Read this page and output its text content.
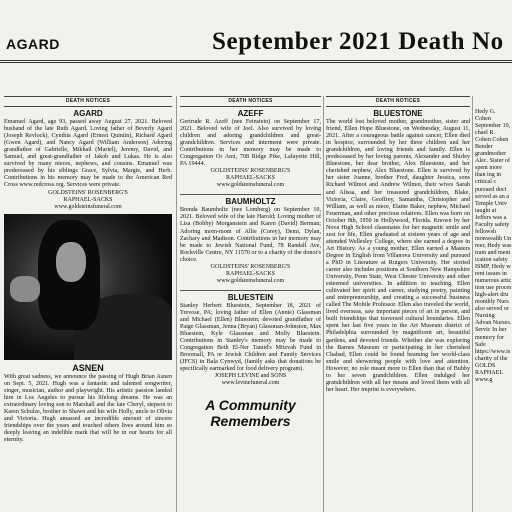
AGARD	September 2021 Death No
DEATH NOTICES
AGARD

Emanuel Agard, age 93, passed away August 27, 2021. Beloved husband of the late Ruth Agard. Loving father of Beverly Agard (Joseph Revlock), Cynthia Agard (Ernest Quintin), Richard Agard (Gwen Agard), and Nancy Agard (William Anderson) Adoring grandfather of Gabrielle, Mikhail (Mariel), Jeremy, David, and Samuel, and great-grandfather of Jakob and Lukas. He is also survived by many nieces, nephews, and cousins. Emanuel was predeceased by his siblings Grace, Sylvia, Margie, and Herb. Contributions in his memory may be made to the American Red Cross www.redcross.org. Services were private.

GOLDSTEINS' ROSENBERG'S
RAPHAEL-SACKS
www.goldsteinsfuneral.com
ASNEN

With great sadness, we announce the passing of Hugh Brian Asnen on Sept. 5, 2021. Hugh was a fantastic and talented songwriter, singer, musician, author and playwright. His artistic passion landed him in Los Angeles to pursue his lifelong dreams. He was an extraordinary loving son to Marshall and the late Cheryl, stepson to Karen Schulze, brother to Shawn and his wife Holly, uncle to Olivia and Victoria. Hugh amassed an incredible amount of sincere friendships over the years and touched others lives around him so deeply leaving an indelible mark that will be in our hearts for all eternity.

DEATH NOTICES
AZEFF

Gertrude R. Azeff (nee Feinstein) on September 17, 2021. Beloved wife of Joel. Also survived by loving children and adoring grandchildren and great-grandchildren. Services and interment were private. Contributions in her memory may be made to Congregation Or Ami, 708 Ridge Pike, Lafayette Hill, PA 19444.

GOLDSTEINS' ROSENBERG'S
RAPHAEL-SACKS
www.goldsteinsfuneral.com
BAUMHOLTZ

Brenda Baumholtz (nee Lomberg) on September 10, 2021. Beloved wife of the late Harold; Loving mother of Lisa (Bobby) Morganstein and Karen (David) Berman; Adoring mom-mom of Allie (Corey), Demi, Dylan, Zachary and Madison. Contributions in her memory may be made to Jewish National Fund, 78 Randall Ave, Rockville Centre, NY 11570 or to a charity of the donor's choice.

GOLDSTEINS' ROSENBERG'S
RAPHAEL-SACKS
www.goldsteinsfuneral.com
BLUESTEIN

Stanley Herbert Bluestein, September 18, 2021 of Trevose, PA; loving father of Ellen (Annie) Glassman and Michael (Ellen) Bluestein; devoted grandfather of Paige Glassman, Jenna (Bryan) Glassman-Johnston, Max Bluestein, Kyle Glassman and Molly Bluestein. Contributions in Stanley's memory may be made to Congregation Beth El-Ner Tamid's Mitzvah Fund in Broomall, PA or Jewish Children and Family Services (JFCS) in Bala Cynwyd, (family asks that donations be specifically earmarked for food delivery program).

JOSEPH LEVINE and SONS
www.levinefuneral.com
A Community Remembers
DEATH NOTICES
BLUESTONE

The world lost beloved mother, grandmother, sister and friend, Ellen Hope Bluestone, on Wednesday, August 11, 2021. After a courageous battle against cancer, Ellen died in hospice, surrounded by her three children and her grandchildren, and loving friends and family. Ellen is predeceased by her loving parents, Alexander and Shirley Bluestone, her dear brother, Alex Bluestone, and her cherished nephew, Alex Bluestone. Ellen is survived by her sister Joanne, brother Fred, daughter Jessica, sons Richard Wilmot and Andrew Wilmot, their wives Sarah and Alissa, and her treasured grandchildren, Blake, Victoria, Claire, Geoffrey, Samantha, Christopher and William, as well as niece, Elaine Baker, nephew, Michael Feuerman, and other precious relatives. Ellen was born on October 8th, 1950 in Hollywood, Florida. Known by her Nova High School classmates for her magnetic smile and zest for life, Ellen graduated at sixteen years of age and attended Wellesley College, where she earned a degree in Art History. As a young mother, Ellen earned a Masters Degree in English from Villanova University and pursued a PhD in Literature at Rutgers University. Her storied career also includes positions at Southern New Hampshire University, Penn State, West Chester University and other esteemed universities. In addition to teaching, Ellen cultivated her spirit and career, studying poetry, painting and entrepreneurship, and creating a successful business called The Mobile Professor. Ellen also traveled the world, lived overseas, saw important pieces of art in person, and built friendships that traversed cultural boundaries. Ellen spent her last five years in the Art Museum district of Philadelphia surrounded by magnificent art, beautiful gardens, and devoted friends. Whether she was exploring the Barnes Museum or participating in her cherished Chabad, Ellen could be found beaming her world-class smile and showering people with love and attention. However, no role meant more to Ellen than that of Bubby to her seven grandchildren. Ellen indulged her grandchildren with all her means and loved them with all her heart. Her imprint is everywhere.

Hedy G. Cohen September 19, chael R. Cohen Cohen Bender grandmother Alec. Sister of spent more than ing in critical c pursued doct served as an a Temple Univ taught at Jeffers was a Faculty safety fellowsh monwealth Un reer, Hedy was train and ment ication safety ISMP, Hedy w rent issues in numerous artic tion use proces high-alert dru monthly Nurs also served or Nursing Advan Nurses. Servic In her memory for Safe https://www.is charity of the GOLDS RAPHAEL www.g
